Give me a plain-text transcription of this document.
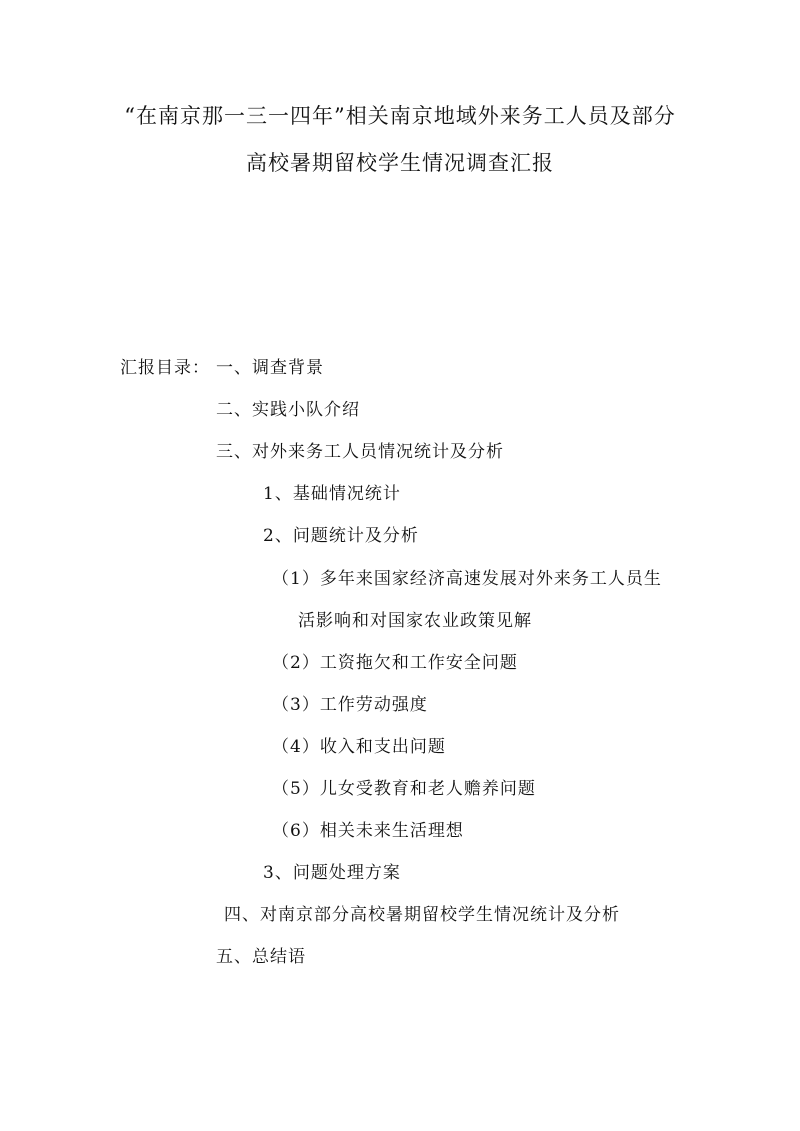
“在南京那一三一四年”相关南京地域外来务工人员及部分
高校暑期留校学生情况调查汇报
汇报目录： 一、调查背景
二、实践小队介绍
三、对外来务工人员情况统计及分析
1、基础情况统计
2、问题统计及分析
（1）多年来国家经济高速发展对外来务工人员生
活影响和对国家农业政策见解
（2）工资拖欠和工作安全问题
（3）工作劳动强度
（4）收入和支出问题
（5）儿女受教育和老人赡养问题
（6）相关未来生活理想
3、问题处理方案
四、对南京部分高校暑期留校学生情况统计及分析
五、总结语
